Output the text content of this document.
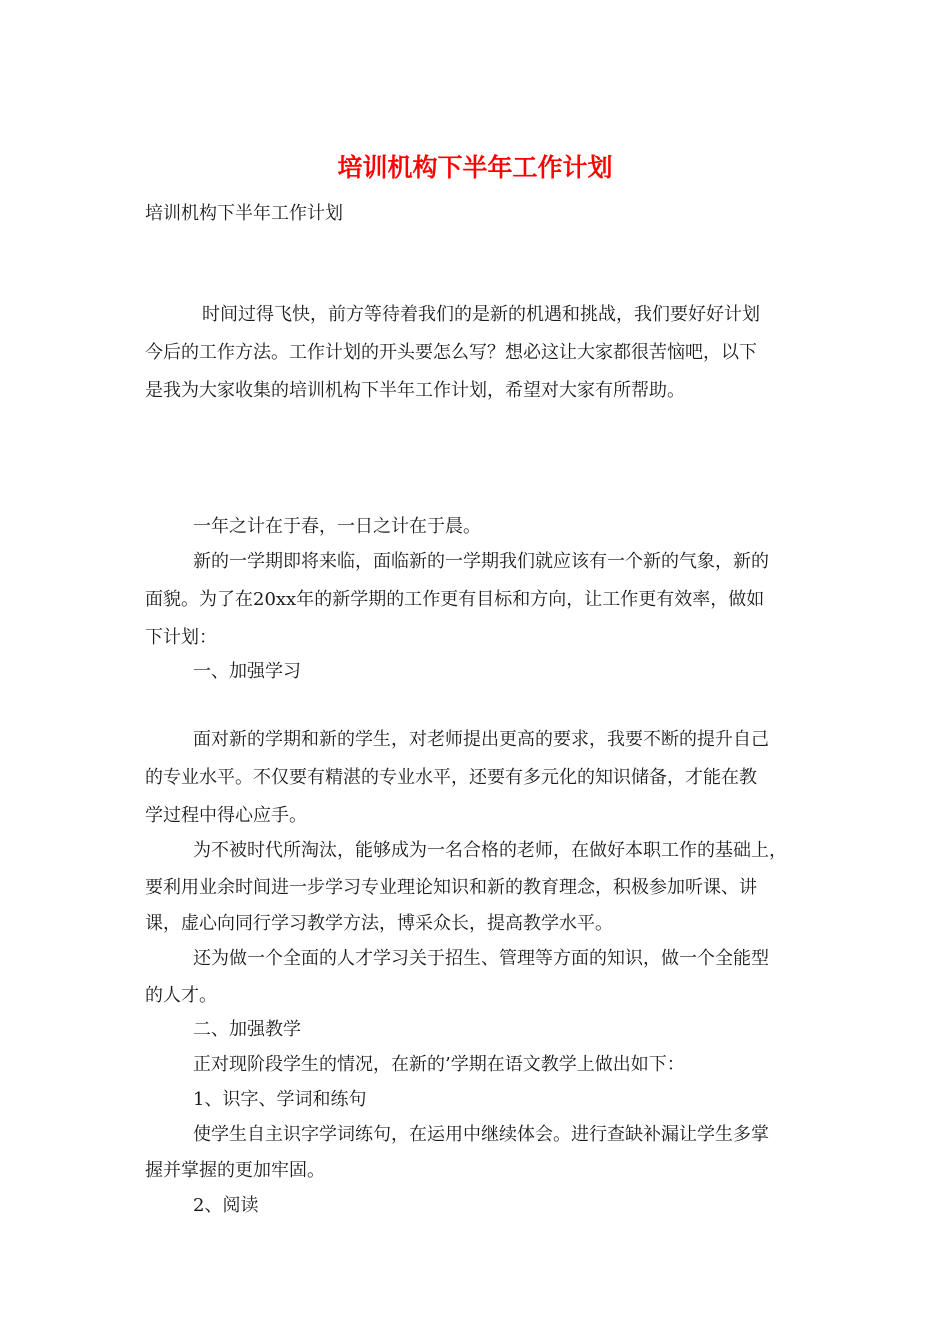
培训机构下半年工作计划
培训机构下半年工作计划
时间过得飞快，前方等待着我们的是新的机遇和挑战，我们要好好计划
今后的工作方法。工作计划的开头要怎么写？想必这让大家都很苦恼吧，以下
是我为大家收集的培训机构下半年工作计划，希望对大家有所帮助。
一年之计在于春，一日之计在于晨。
新的一学期即将来临，面临新的一学期我们就应该有一个新的气象，新的
面貌。为了在20xx年的新学期的工作更有目标和方向，让工作更有效率，做如
下计划：
一、加强学习
面对新的学期和新的学生，对老师提出更高的要求，我要不断的提升自己
的专业水平。不仅要有精湛的专业水平，还要有多元化的知识储备，才能在教
学过程中得心应手。
为不被时代所淘汰，能够成为一名合格的老师，在做好本职工作的基础上，
要利用业余时间进一步学习专业理论知识和新的教育理念，积极参加听课、讲
课，虚心向同行学习教学方法，博采众长，提高教学水平。
还为做一个全面的人才学习关于招生、管理等方面的知识，做一个全能型
的人才。
二、加强教学
正对现阶段学生的情况，在新的’学期在语文教学上做出如下：
1、识字、学词和练句
使学生自主识字学词练句，在运用中继续体会。进行查缺补漏让学生多掌
握并掌握的更加牢固。
2、阅读
